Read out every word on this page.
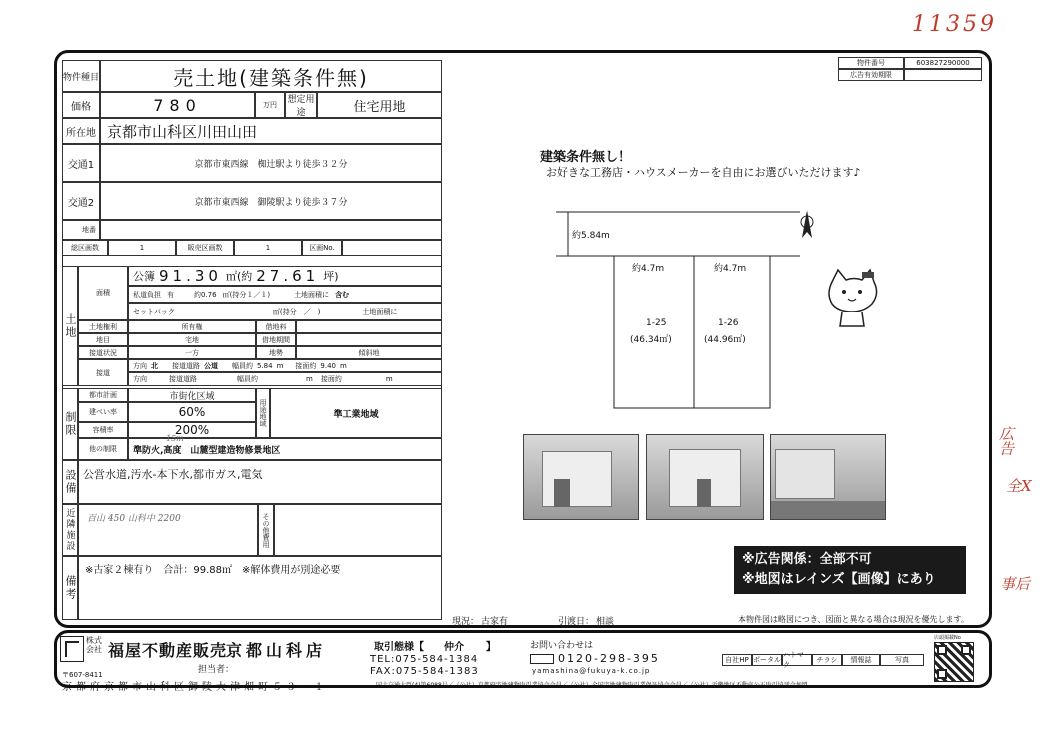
11359
広告
全X
事后
物件種目	売土地(建築条件無)
価格	780	万円	想定用途	住宅用地
所在地 京都市山科区川田山田
交通1	京都市東西線　椥辻駅より徒歩３２分
交通2	京都市東西線　御陵駅より徒歩３７分
地番
総区画数	1	販売区画数	1	区画No.
土地
面積
公簿 91.30 ㎡(約 27.61 坪)
私道負担 有	約0.76 ㎡(持分１／１)	土地面積に 含む
セットバック	㎡(持分　／　)	土地面積に
土地権利	所有権	借地料
地目	宅地	借地期間
接道状況	一方	地勢	傾斜地
接道
方向 北 接道道路 公道 幅員約 5.84 m 接面約 9.40 m
方向	接道道路	幅員約	m 接面約	m
制限
都市計画	市街化区域
建ぺい率	60%
容積率	200%
用途地域	準工業地域
他の制限	準防火,高度　山麓型建造物修景地区
15m
設備 公営水道,汚水-本下水,都市ガス,電気
近隣施設	百山 450 山科中 2200	その他費用
備考
※古家２棟有り　合計：99.88㎡　※解体費用が別途必要
現況： 古家有	引渡日： 相談	本物件図は略図につき、図面と異なる場合は現況を優先します。
物件番号	603827290000
広告有効期限
建築条件無し！
お好きな工務店・ハウスメーカーを自由にお選びいただけます♪
約5.84m
約4.7m	約4.7m
1-25
(46.34㎡)
1-26
(44.96㎡)
N
※広告関係：全部不可
※地図はレインズ【画像】にあり
株式会社 福屋不動産販売
京都山科店
担当者：
〒607-8411
京都府京都市山科区御陵大津畑町５３－１	国土交通大臣(4)第6088号／（公社）京都府宅地建物取引業協会会員／（公社）全国宅地建物取引業保証協会会員／（公社）近畿地区不動産公正取引協議会加盟
取引態様【 仲介 】	お問い合わせは
TEL:075-584-1384
FAX:075-584-1383
0120-298-395
yamashina@fukuya-k.co.jp
自社HP ポータル
ハトマーク
チラシ	情報誌	写真
店頭掲載No
